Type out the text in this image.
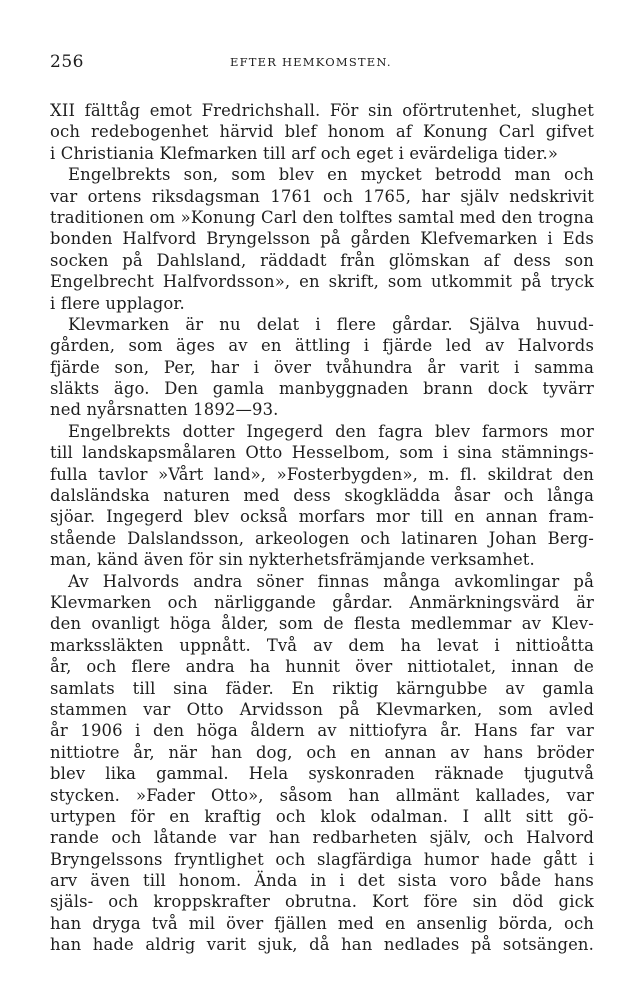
256	EFTER HEMKOMSTEN.
XII fälttåg emot Fredrichshall. För sin oförtrutenhet, slughet
och redebogenhet härvid blef honom af Konung Carl gifvet
i Christiania Klefmarken till arf och eget i evärdeliga tider.»
Engelbrekts son, som blev en mycket betrodd man och
var ortens riksdagsman 1761 och 1765, har själv nedskrivit
traditionen om »Konung Carl den tolftes samtal med den trogna
bonden Halfvord Bryngelsson på gården Klefvemarken i Eds
socken på Dahlsland, räddadt från glömskan af dess son
Engelbrecht Halfvordsson», en skrift, som utkommit på tryck
i flere upplagor.
Klevmarken är nu delat i flere gårdar. Själva huvud-
gården, som äges av en ättling i fjärde led av Halvords
fjärde son, Per, har i över tvåhundra år varit i samma
släkts ägo. Den gamla manbyggnaden brann dock tyvärr
ned nyårsnatten 1892—93.
Engelbrekts dotter Ingegerd den fagra blev farmors mor
till landskapsmålaren Otto Hesselbom, som i sina stämnings-
fulla tavlor »Vårt land», »Fosterbygden», m. fl. skildrat den
dalsländska naturen med dess skogklädda åsar och långa
sjöar. Ingegerd blev också morfars mor till en annan fram-
stående Dalslandsson, arkeologen och latinaren Johan Berg-
man, känd även för sin nykterhetsfrämjande verksamhet.
Av Halvords andra söner finnas många avkomlingar på
Klevmarken och närliggande gårdar. Anmärkningsvärd är
den ovanligt höga ålder, som de flesta medlemmar av Klev-
markssläkten uppnått. Två av dem ha levat i nittioåtta
år, och flere andra ha hunnit över nittiotalet, innan de
samlats till sina fäder. En riktig kärngubbe av gamla
stammen var Otto Arvidsson på Klevmarken, som avled
år 1906 i den höga åldern av nittiofyra år. Hans far var
nittiotre år, när han dog, och en annan av hans bröder
blev lika gammal. Hela syskonraden räknade tjugutvå
stycken. »Fader Otto», såsom han allmänt kallades, var
urtypen för en kraftig och klok odalman. I allt sitt gö-
rande och låtande var han redbarheten själv, och Halvord
Bryngelssons fryntlighet och slagfärdiga humor hade gått i
arv även till honom. Ända in i det sista voro både hans
själs- och kroppskrafter obrutna. Kort före sin död gick
han dryga två mil över fjällen med en ansenlig börda, och
han hade aldrig varit sjuk, då han nedlades på sotsängen.
